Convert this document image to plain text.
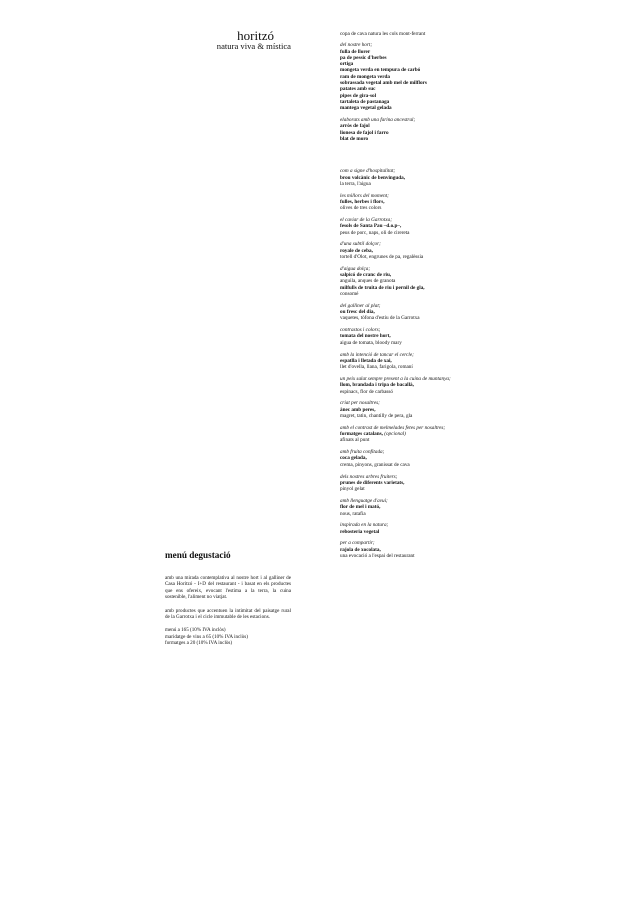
horitzó
natura viva & mística
menú degustació

amb una mirada contemplativa al nostre hort i al galliner de Casa Horitzó - I+D del restaurant - i basat en els productes que ens ofereix, evocant l'estima a la terra, la cuina sostenible, l'aliment no viatjat.

amb productes que accentuen la intimitat del paisatge rural de la Garrotxa i el cicle immutable de les estacions.

menú a 165 (10% IVA inclòs)
maridatge de vins a 65 (10% IVA inclòs)
formatges a 20 (10% IVA inclòs)
copa de cava natura les cols mont-ferrant
del nostre hort;
fulla de llorer
pa de pessic d'herbes
ortiga
mongeta verda en tempura de carbó
ram de mongeta verda
sobrassada vegetal amb mel de milflors
patates amb suc
pipes de gira-sol
tartaleta de pastanaga
mantega vegetal gelada
elaborats amb una farina ancestral;
arròs de fajol
lionesa de fajol i farro
blat de moro
com a signe d'hospitalitat;
brou volcànic de benvinguda,
la terra, l'aigua
les millors del moment;
fulles, herbes i flors,
olives de tres colors
el caviar de la Garrotxa;
fesols de Santa Pau –d.o.p–,
peus de porc, naps, oli de cirereta
d'una subtil dolçor;
royale de ceba,
tortell d'Olot, engrunes de pa, regalèssia
d'aigua dolça;
salpicó de cranc de riu,
anguila, anques de granota
milfulls de truita de riu i pernil de gla,
consomé
del galliner al plat;
ou fresc del dia,
vaquetes, tòfona d'estiu de la Garrotxa
contrastos i colors;
tomata del nostre hort,
aigua de tomata, bloody mary
amb la intenció de tancar el cercle;
espatlla i lletada de xai,
llet d'ovella, llana, farigola, romaní
un peix salat sempre present a la cuina de muntanya;
llom, brandada i tripa de bacallà,
espinacs, flor de carbassó
criat per nosaltres;
ànec amb peres,
magret, tatin, chantilly de pera, gla
amb el contrast de melmelades fetes per nosaltres;
formatges catalans, (opcional)
afinats al punt
amb fruita confitada;
coca gelada,
crema, pinyons, granissat de cava
dels nostres arbres fruiters;
prunes de diferents varietats,
pinyol gelat
amb llenguatge d'avui;
flor de mel i mató,
nous, ratafia
inspirada en la natura;
rebosteria vegetal
per a compartir;
rajola de xocolata,
una evocació a l'espai del restaurant
